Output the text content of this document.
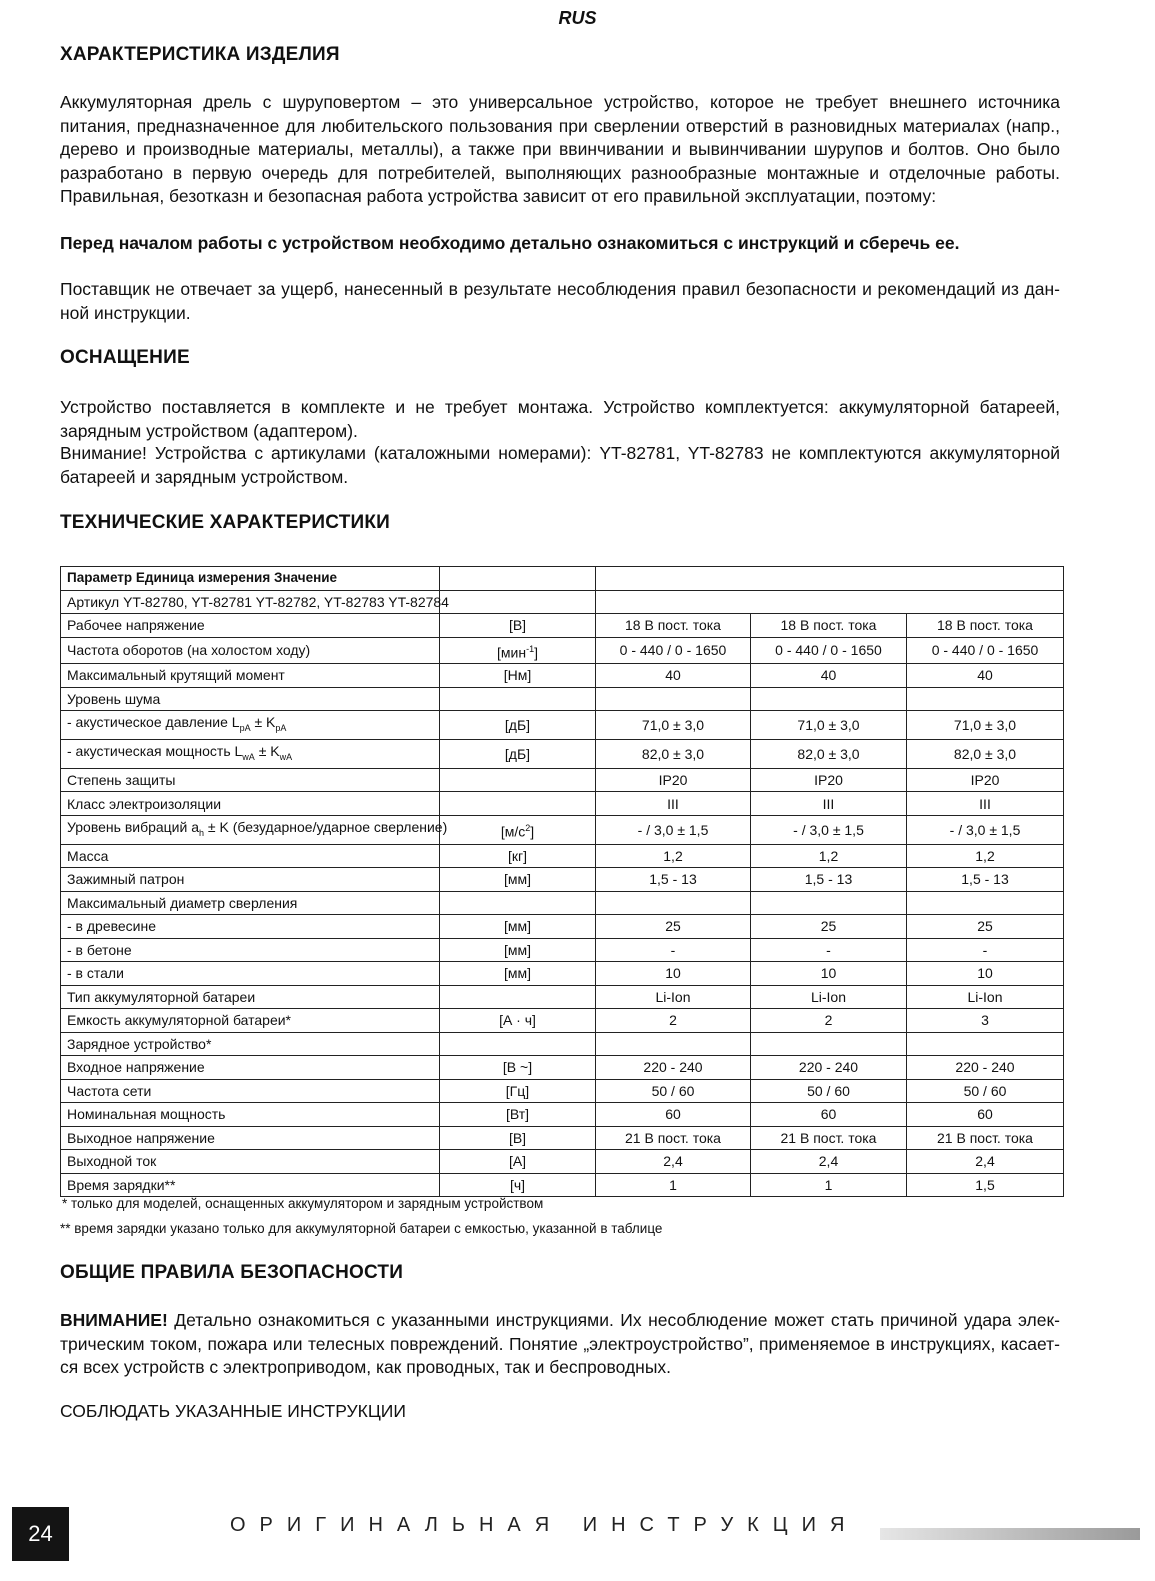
RUS
ХАРАКТЕРИСТИКА ИЗДЕЛИЯ
Аккумуляторная дрель с шуруповертом – это универсальное устройство, которое не требует внешнего источника питания, предназначенное для любительского пользования при сверлении отверстий в разновидных материалах (напр., дерево и производные материалы, металлы), а также при ввинчивании и вывинчивании шурупов и болтов. Оно было разработано в первую очередь для потребителей, выполняющих разнообразные монтажные и отделочные работы. Правильная, безотказн и безопасная работа устройства зависит от его правильной эксплуатации, поэтому:
Перед началом работы с устройством необходимо детально ознакомиться с инструкций и сберечь ее.
Поставщик не отвечает за ущерб, нанесенный в результате несоблюдения правил безопасности и рекомендаций из данной инструкции.
ОСНАЩЕНИЕ
Устройство поставляется в комплекте и не требует монтажа. Устройство комплектуется: аккумуляторной батареей, зарядным устройством (адаптером).
Внимание! Устройства с артикулами (каталожными номерами): YT-82781, YT-82783 не комплектуются аккумуляторной батареей и зарядным устройством.
ТЕХНИЧЕСКИЕ ХАРАКТЕРИСТИКИ
Параметр Единица измерения Значение				
Артикул YT-82780, YT-82781 YT-82782, YT-82783 YT-82784				
Рабочее напряжение	[В]	18 В пост. тока	18 В пост. тока	18 В пост. тока
Частота оборотов (на холостом ходу)	[мин$^{-1}$]	0 - 440 / 0 - 1650	0 - 440 / 0 - 1650	0 - 440 / 0 - 1650
Максимальный крутящий момент	[Нм]	40	40	40
Уровень шума				
- акустическое давление $L_{pA} \pm K_{pA}$	[дБ]	71,0 ± 3,0	71,0 ± 3,0	71,0 ± 3,0
- акустическая мощность $L_{wA} \pm K_{wA}$	[дБ]	82,0 ± 3,0	82,0 ± 3,0	82,0 ± 3,0
Степень защиты		IP20	IP20	IP20
Класс электроизоляции		III	III	III
Уровень вибраций $a_h \pm K$ (безударное/ударное сверление)	$[м/с^2]$	- / 3,0 ± 1,5	- / 3,0 ± 1,5	- / 3,0 ± 1,5
Масса	[кг]	1,2	1,2	1,2
Зажимный патрон	[мм]	1,5 - 13	1,5 - 13	1,5 - 13
Максимальный диаметр сверления				
- в древесине	[мм]	25	25	25
- в бетоне	[мм]	-	-	-
- в стали	[мм]	10	10	10
Тип аккумуляторной батареи		Li-Ion	Li-Ion	Li-Ion
Емкость аккумуляторной батареи*	[А · ч]	2	2	3
Зарядное устройство*				
Входное напряжение	[В ~]	220 - 240	220 - 240	220 - 240
Частота сети	[Гц]	50 / 60	50 / 60	50 / 60
Номинальная мощность	[Вт]	60	60	60
Выходное напряжение	[В]	21 В пост. тока	21 В пост. тока	21 В пост. тока
Выходной ток	[А]	2,4	2,4	2,4
Время зарядки**	[ч]	1	1	1,5
* только для моделей, оснащенных аккумулятором и зарядным устройством
** время зарядки указано только для аккумуляторной батареи с емкостью, указанной в таблице
ОБЩИЕ ПРАВИЛА БЕЗОПАСНОСТИ
ВНИМАНИЕ! Детально ознакомиться с указанными инструкциями. Их несоблюдение может стать причиной удара электрическим током, пожара или телесных повреждений. Понятие „электроустройство”, применяемое в инструкциях, касается всех устройств с электроприводом, как проводных, так и беспроводных.
СОБЛЮДАТЬ УКАЗАННЫЕ ИНСТРУКЦИИ
24	ОРИГИНАЛЬНАЯ ИНСТРУКЦИЯ
